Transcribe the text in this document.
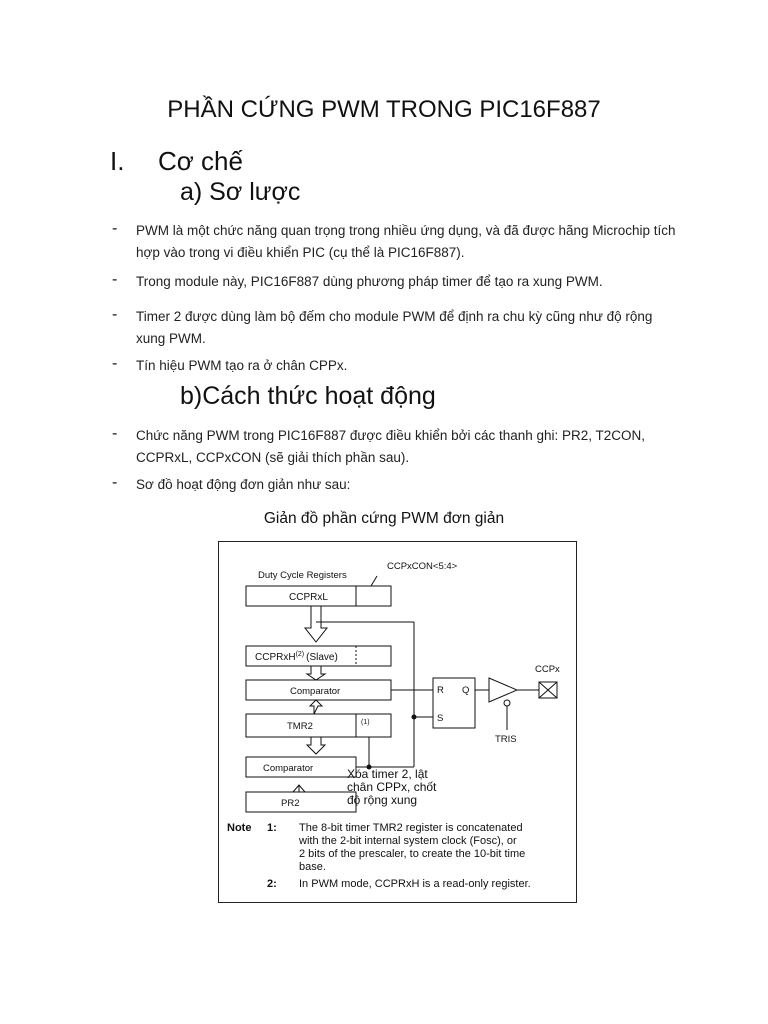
PHẦN CỨNG PWM TRONG PIC16F887
I. Cơ chế
a) Sơ lược
- PWM là một chức năng quan trọng trong nhiều ứng dụng, và đã được hãng Microchip tích hợp vào trong vi điều khiển PIC (cụ thể là PIC16F887).
- Trong module này, PIC16F887 dùng phương pháp timer để tạo ra xung PWM.
- Timer 2 được dùng làm bộ đếm cho module PWM để định ra chu kỳ cũng như độ rộng xung PWM.
- Tín hiệu PWM tạo ra ở chân CPPx.
b)Cách thức hoạt động
- Chức năng PWM trong PIC16F887 được điều khiển bởi các thanh ghi: PR2, T2CON, CCPRxL, CCPxCON (sẽ giải thích phần sau).
- Sơ đồ hoạt động đơn giản như sau:
Giản đồ phần cứng PWM đơn giản
Duty Cycle Registers
CCPxCON<5:4>
CCPRxL
CCPRxH$^{(2)}$ (Slave)
Comparator
TMR2	(1)
Comparator
PR2
R Q
S
TRIS
CCPx
Xóa timer 2, lật
chân CPPx, chốt
độ rộng xung
Note 1: The 8-bit timer TMR2 register is concatenated
with the 2-bit internal system clock (Fosc), or
2 bits of the prescaler, to create the 10-bit time
base.
2: In PWM mode, CCPRxH is a read-only register.
